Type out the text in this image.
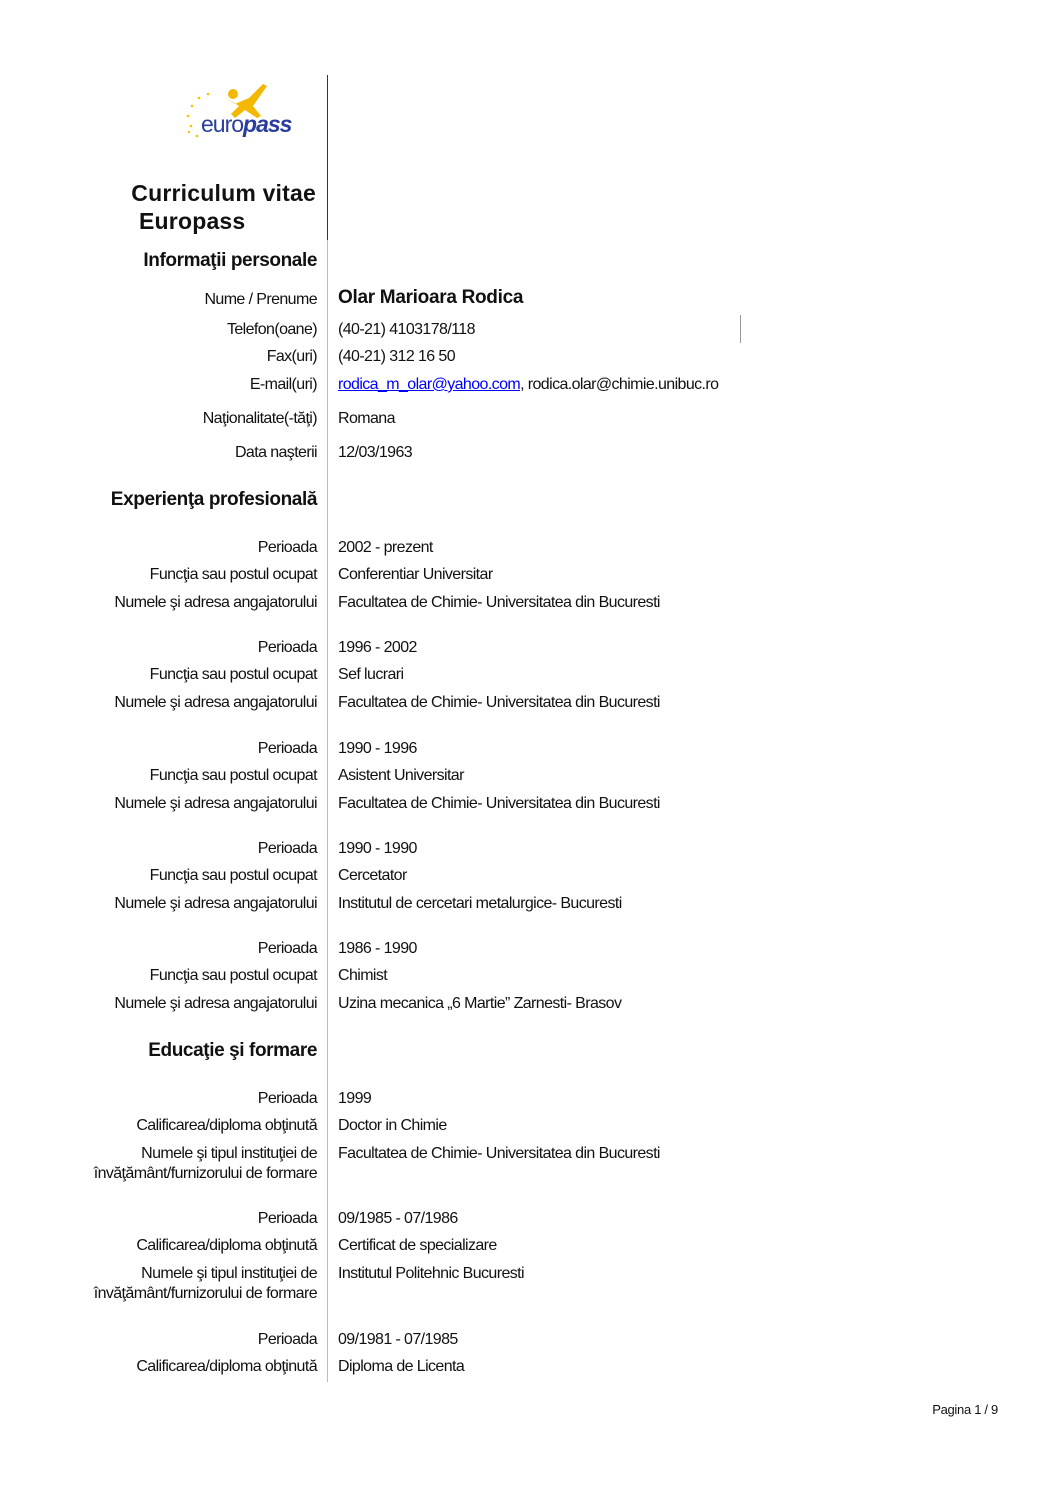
europass
Curriculum vitae
Europass
Informaţii personale
Nume / Prenume Olar Marioara Rodica
Telefon(oane) (40-21) 4103178/118
Fax(uri) (40-21) 312 16 50
E-mail(uri) rodica_m_olar@yahoo.com, rodica.olar@chimie.unibuc.ro
Naţionalitate(-tăţi) Romana
Data naşterii 12/03/1963
Experienţa profesională
Perioada 2002 - prezent
Funcţia sau postul ocupat Conferentiar Universitar
Numele şi adresa angajatorului Facultatea de Chimie- Universitatea din Bucuresti
Perioada 1996 - 2002
Funcţia sau postul ocupat Sef lucrari
Numele şi adresa angajatorului Facultatea de Chimie- Universitatea din Bucuresti
Perioada 1990 - 1996
Funcţia sau postul ocupat Asistent Universitar
Numele şi adresa angajatorului Facultatea de Chimie- Universitatea din Bucuresti
Perioada 1990 - 1990
Funcţia sau postul ocupat Cercetator
Numele şi adresa angajatorului Institutul de cercetari metalurgice- Bucuresti
Perioada 1986 - 1990
Funcţia sau postul ocupat Chimist
Numele şi adresa angajatorului Uzina mecanica „6 Martie” Zarnesti- Brasov
Educaţie şi formare
Perioada 1999
Calificarea/diploma obţinută Doctor in Chimie
Numele şi tipul instituţiei de Facultatea de Chimie- Universitatea din Bucuresti
învăţământ/furnizorului de formare
Perioada 09/1985 - 07/1986
Calificarea/diploma obţinută Certificat de specializare
Numele şi tipul instituţiei de Institutul Politehnic Bucuresti
învăţământ/furnizorului de formare
Perioada 09/1981 - 07/1985
Calificarea/diploma obţinută Diploma de Licenta
Pagina 1 / 9
